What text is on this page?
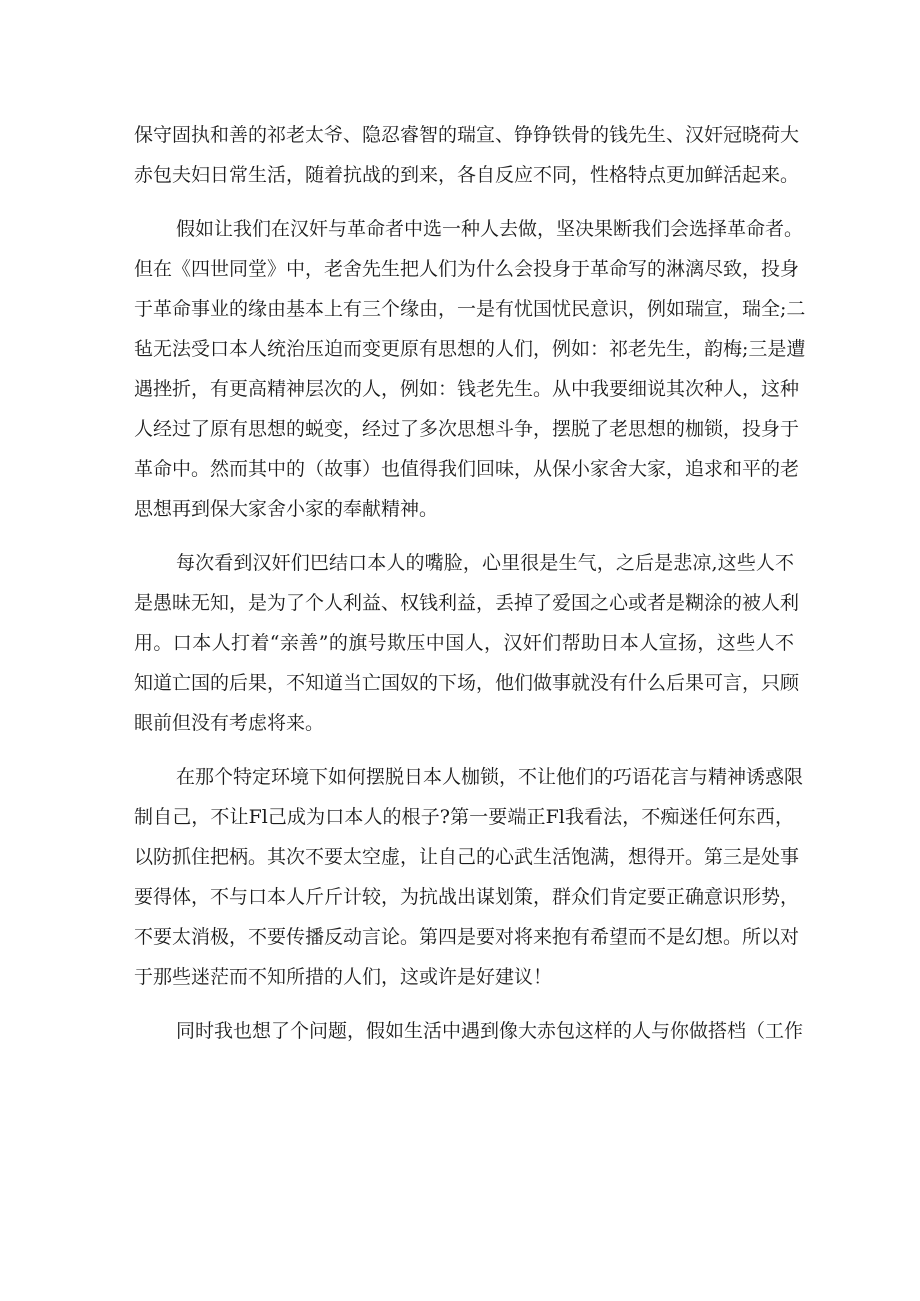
保守固执和善的祁老太爷、隐忍睿智的瑞宣、铮铮铁骨的钱先生、汉奸冠晓荷大
赤包夫妇日常生活，随着抗战的到来，各自反应不同，性格特点更加鲜活起来。

假如让我们在汉奸与革命者中选一种人去做，坚决果断我们会选择革命者。
但在《四世同堂》中，老舍先生把人们为什么会投身于革命写的淋漓尽致，投身
于革命事业的缘由基本上有三个缘由，一是有忧国忧民意识，例如瑞宣，瑞全;二
毡无法受口本人统治压迫而变更原有思想的人们，例如：祁老先生，韵梅;三是遭
遇挫折，有更高精神层次的人，例如：钱老先生。从中我要细说其次种人，这种
人经过了原有思想的蜕变，经过了多次思想斗争，摆脱了老思想的枷锁，投身于
革命中。然而其中的（故事）也值得我们回味，从保小家舍大家，追求和平的老
思想再到保大家舍小家的奉献精神。

每次看到汉奸们巴结口本人的嘴脸，心里很是生气，之后是悲凉,这些人不
是愚昧无知，是为了个人利益、权钱利益，丢掉了爱国之心或者是糊涂的被人利
用。口本人打着“亲善”的旗号欺压中国人，汉奸们帮助日本人宣扬，这些人不
知道亡国的后果，不知道当亡国奴的下场，他们做事就没有什么后果可言，只顾
眼前但没有考虑将来。

在那个特定环境下如何摆脱日本人枷锁，不让他们的巧语花言与精神诱惑限
制自己，不让Fl己成为口本人的根子?第一要端正Fl我看法，不痴迷任何东西，
以防抓住把柄。其次不要太空虚，让自己的心武生活饱满，想得开。第三是处事
要得体，不与口本人斤斤计较，为抗战出谋划策，群众们肯定要正确意识形势，
不要太消极，不要传播反动言论。第四是要对将来抱有希望而不是幻想。所以对
于那些迷茫而不知所措的人们，这或许是好建议！

同时我也想了个问题，假如生活中遇到像大赤包这样的人与你做搭档（工作
